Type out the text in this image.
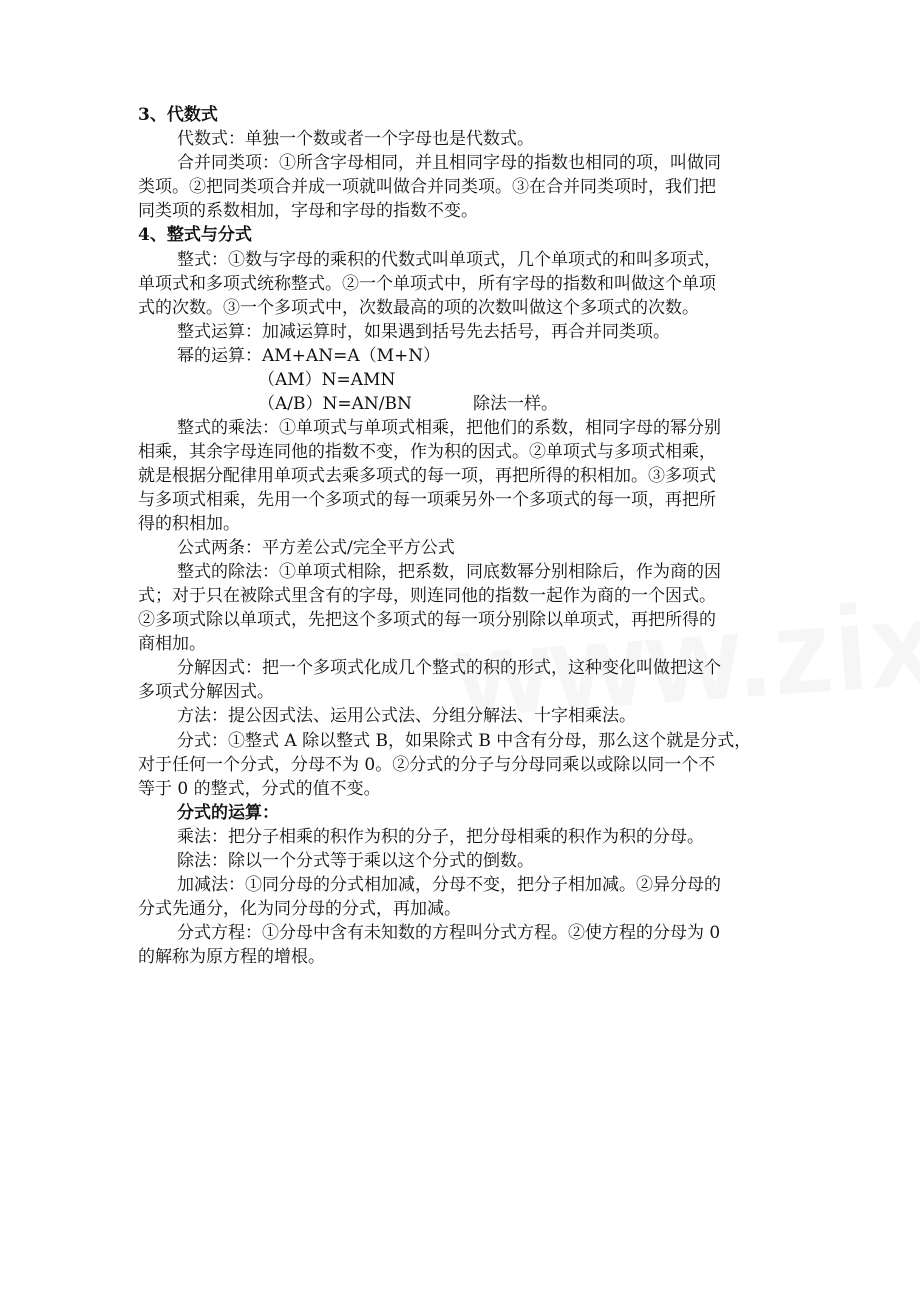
3、代数式
代数式：单独一个数或者一个字母也是代数式。
合并同类项：①所含字母相同，并且相同字母的指数也相同的项，叫做同
类项。②把同类项合并成一项就叫做合并同类项。③在合并同类项时，我们把
同类项的系数相加，字母和字母的指数不变。
4、整式与分式
整式：①数与字母的乘积的代数式叫单项式，几个单项式的和叫多项式，
单项式和多项式统称整式。②一个单项式中，所有字母的指数和叫做这个单项
式的次数。③一个多项式中，次数最高的项的次数叫做这个多项式的次数。
整式运算：加减运算时，如果遇到括号先去括号，再合并同类项。
幂的运算：AM+AN=A（M+N）
（AM）N=AMN
（A/B）N=AN/BN	除法一样。
整式的乘法：①单项式与单项式相乘，把他们的系数，相同字母的幂分别
相乘，其余字母连同他的指数不变，作为积的因式。②单项式与多项式相乘，
就是根据分配律用单项式去乘多项式的每一项，再把所得的积相加。③多项式
与多项式相乘，先用一个多项式的每一项乘另外一个多项式的每一项，再把所
得的积相加。
公式两条：平方差公式/完全平方公式
整式的除法：①单项式相除，把系数，同底数幂分别相除后，作为商的因
式；对于只在被除式里含有的字母，则连同他的指数一起作为商的一个因式。
②多项式除以单项式，先把这个多项式的每一项分别除以单项式，再把所得的
商相加。
分解因式：把一个多项式化成几个整式的积的形式，这种变化叫做把这个
多项式分解因式。
方法：提公因式法、运用公式法、分组分解法、十字相乘法。
分式：①整式 A 除以整式 B，如果除式 B 中含有分母，那么这个就是分式，
对于任何一个分式，分母不为 0。②分式的分子与分母同乘以或除以同一个不
等于 0 的整式，分式的值不变。
分式的运算：
乘法：把分子相乘的积作为积的分子，把分母相乘的积作为积的分母。
除法：除以一个分式等于乘以这个分式的倒数。
加减法：①同分母的分式相加减，分母不变，把分子相加减。②异分母的
分式先通分，化为同分母的分式，再加减。
分式方程：①分母中含有未知数的方程叫分式方程。②使方程的分母为 0
的解称为原方程的增根。
